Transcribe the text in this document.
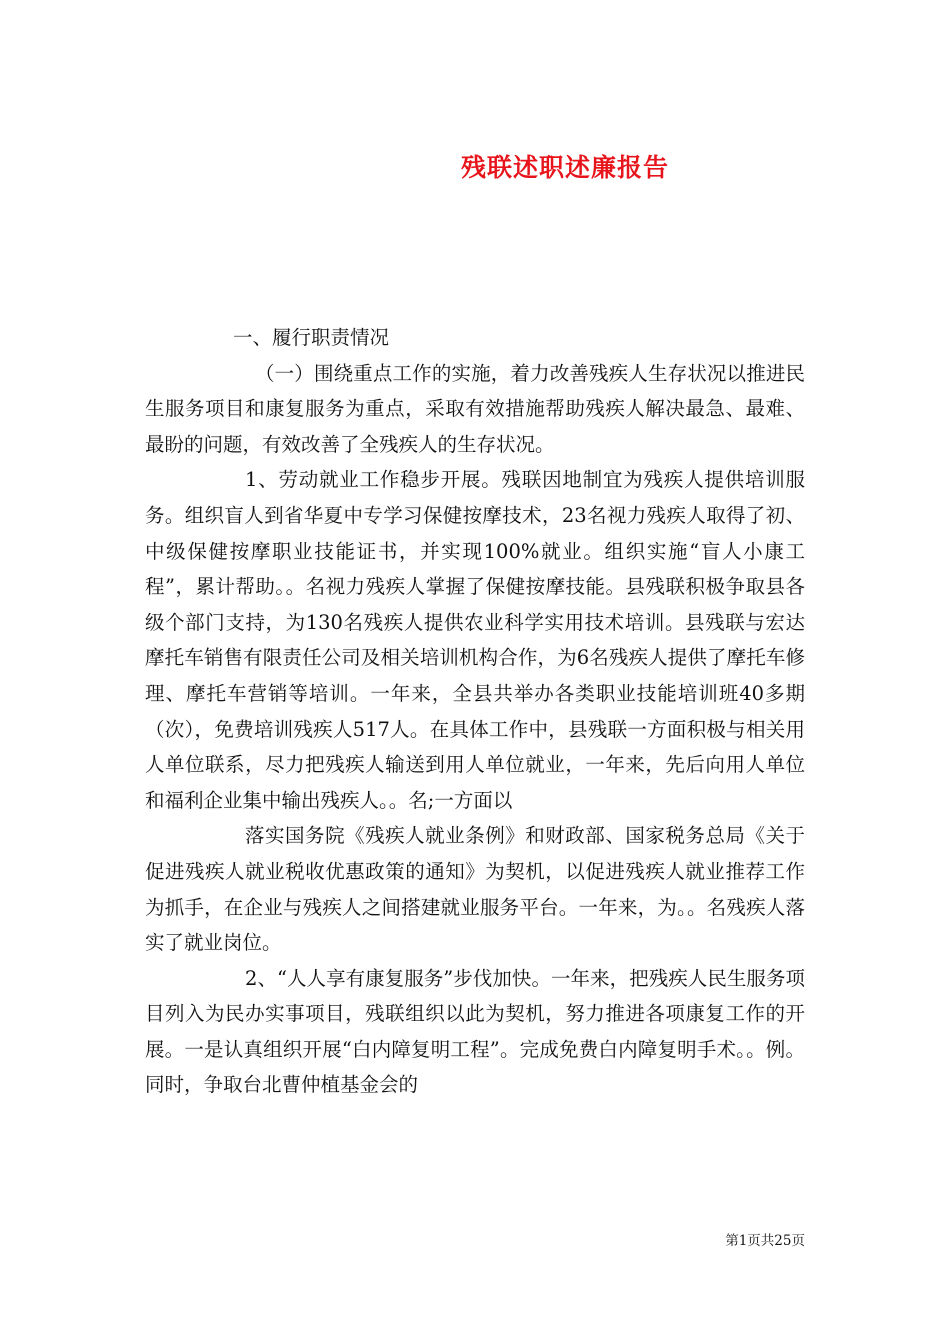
残联述职述廉报告

一、履行职责情况

（一）围绕重点工作的实施，着力改善残疾人生存状况以推进民生服务项目和康复服务为重点，采取有效措施帮助残疾人解决最急、最难、最盼的问题，有效改善了全残疾人的生存状况。

1、劳动就业工作稳步开展。残联因地制宜为残疾人提供培训服务。组织盲人到省华夏中专学习保健按摩技术，23名视力残疾人取得了初、中级保健按摩职业技能证书，并实现100%就业。组织实施“盲人小康工程”，累计帮助。。名视力残疾人掌握了保健按摩技能。县残联积极争取县各级个部门支持，为130名残疾人提供农业科学实用技术培训。县残联与宏达摩托车销售有限责任公司及相关培训机构合作，为6名残疾人提供了摩托车修理、摩托车营销等培训。一年来，全县共举办各类职业技能培训班40多期（次），免费培训残疾人517人。在具体工作中，县残联一方面积极与相关用人单位联系，尽力把残疾人输送到用人单位就业，一年来，先后向用人单位和福利企业集中输出残疾人。。名;一方面以

落实国务院《残疾人就业条例》和财政部、国家税务总局《关于促进残疾人就业税收优惠政策的通知》为契机，以促进残疾人就业推荐工作为抓手，在企业与残疾人之间搭建就业服务平台。一年来，为。。名残疾人落实了就业岗位。

2、“人人享有康复服务”步伐加快。一年来，把残疾人民生服务项目列入为民办实事项目，残联组织以此为契机，努力推进各项康复工作的开展。一是认真组织开展“白内障复明工程”。完成免费白内障复明手术。。例。同时，争取台北曹仲植基金会的

第1页共25页
